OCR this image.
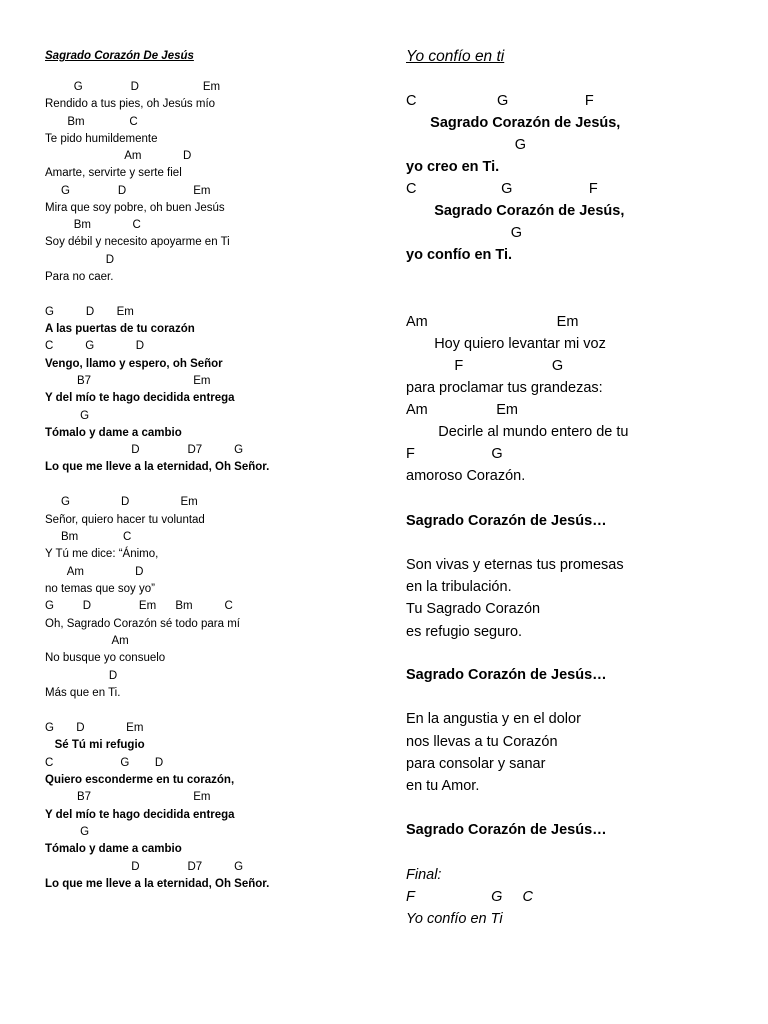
Sagrado Corazón De Jesús
G               D                    Em
Rendido a tus pies, oh Jesús mío
Bm              C
Te pido humildemente
Am             D
Amarte, servirte y serte fiel
G               D                     Em
Mira que soy pobre, oh buen Jesús
Bm             C
Soy débil y necesito apoyarme en Ti
D
Para no caer.
G          D       Em
A las puertas de tu corazón
C          G             D
Vengo, llamo y espero, oh Señor
B7                                Em
Y del mío te hago decidida entrega
G
Tómalo y dame a cambio
D               D7          G
Lo que me lleve a la eternidad, Oh Señor.
G                D                Em
Señor, quiero hacer tu voluntad
Bm              C
Y Tú me dice: “Ánimo,
Am                D
no temas que soy yo”
G         D               Em      Bm          C
Oh, Sagrado Corazón sé todo para mí
Am
No busque yo consuelo
D
Más que en Ti.
G       D             Em
Sé Tú mi refugio
C                     G        D
Quiero esconderme en tu corazón,
B7                                Em
Y del mío te hago decidida entrega
G
Tómalo y dame a cambio
D               D7          G
Lo que me lleve a la eternidad, Oh Señor.
Yo confío en ti
C                    G                   F
Sagrado Corazón de Jesús,
G
yo creo en Ti.
C                     G                   F
Sagrado Corazón de Jesús,
G
yo confío en Ti.
Am                                Em
Hoy quiero levantar mi voz
F                      G
para proclamar tus grandezas:
Am                 Em
Decirle al mundo entero de tu
F                   G
amoroso Corazón.
Sagrado Corazón de Jesús…
Son vivas y eternas tus promesas
en la tribulación.
Tu Sagrado Corazón
es refugio seguro.
Sagrado Corazón de Jesús…
En la angustia y en el dolor
nos llevas a tu Corazón
para consolar y sanar
en tu Amor.
Sagrado Corazón de Jesús…
Final:
F                   G     C
Yo confío en Ti
